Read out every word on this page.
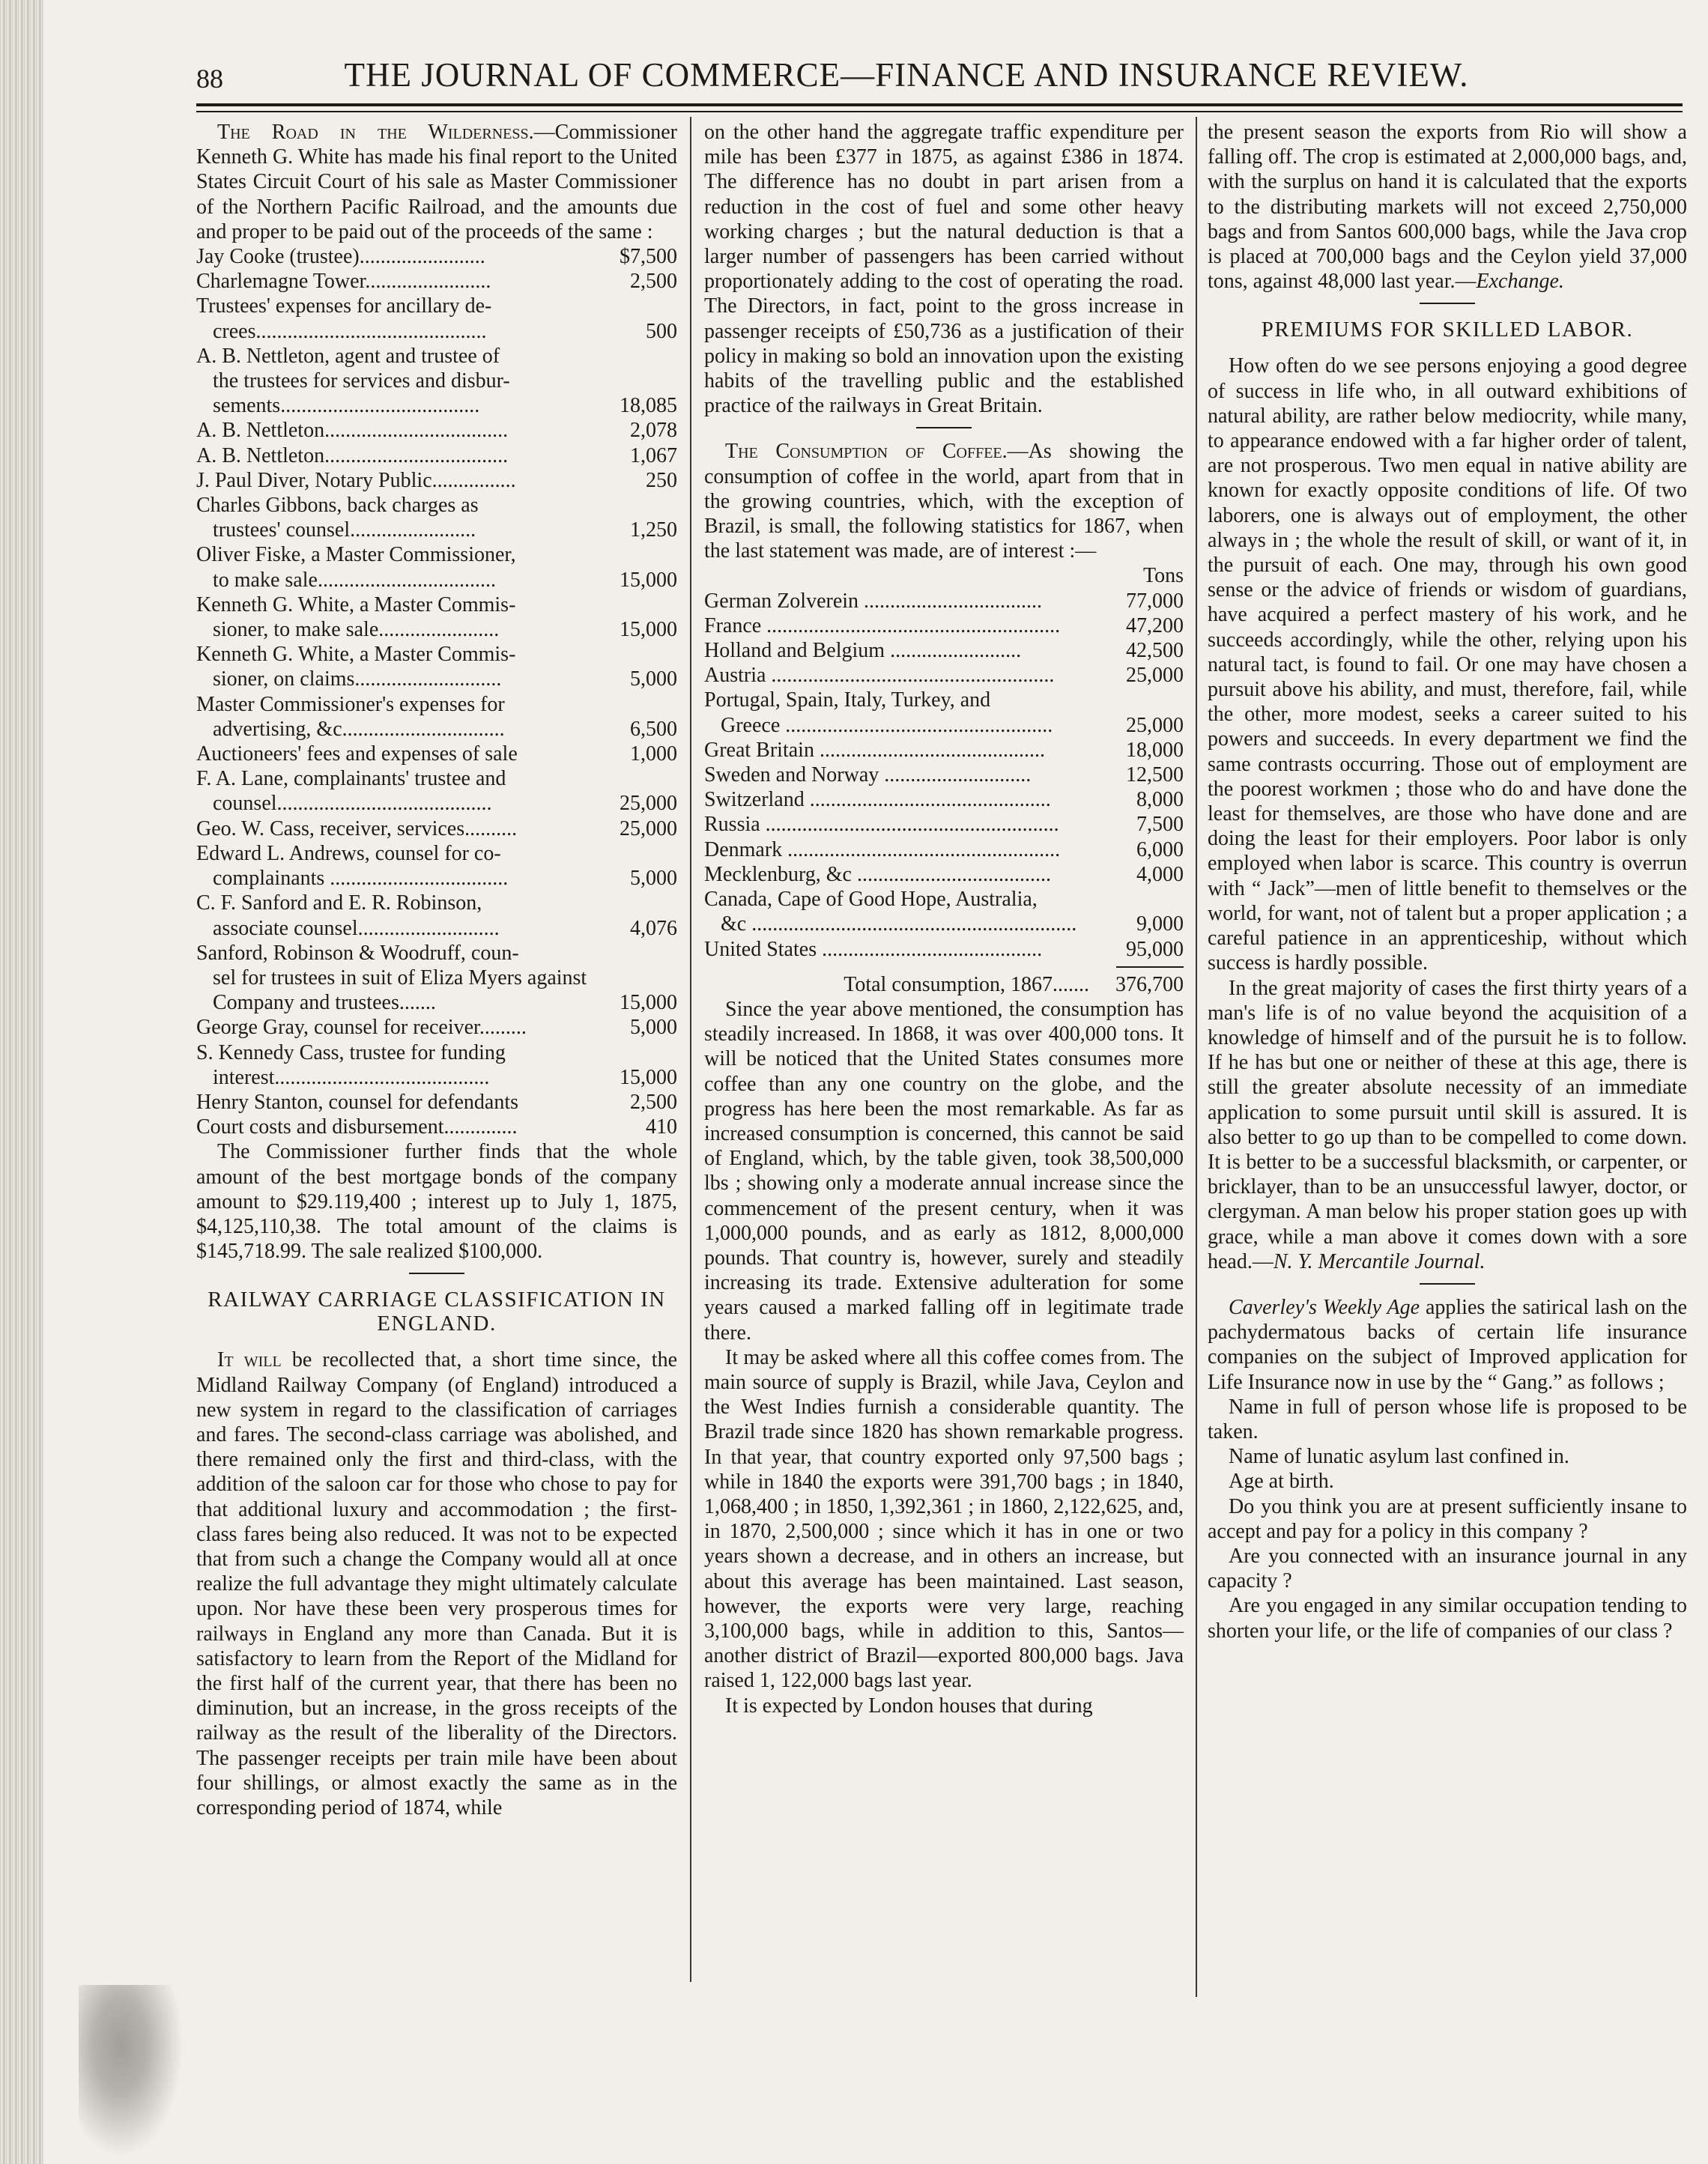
88	THE JOURNAL OF COMMERCE—FINANCE AND INSURANCE REVIEW.

The Road in the Wilderness.—Commissioner Kenneth G. White has made his final report to the United States Circuit Court of his sale as Master Commissioner of the Northern Pacific Railroad, and the amounts due and proper to be paid out of the proceeds of the same :

Jay Cooke (trustee)........................	$7,500
Charlemagne Tower........................	2,500
Trustees' expenses for ancillary de-
crees............................................	500
A. B. Nettleton, agent and trustee of
the trustees for services and disbur- sements......................................	18,085
A. B. Nettleton...................................	2,078
A. B. Nettleton...................................	1,067
J. Paul Diver, Notary Public................	250
Charles Gibbons, back charges as
trustees' counsel........................	1,250
Oliver Fiske, a Master Commissioner,
to make sale..................................	15,000
Kenneth G. White, a Master Commis-
sioner, to make sale.......................	15,000
Kenneth G. White, a Master Commis-
sioner, on claims............................	5,000
Master Commissioner's expenses for
advertising, &c...............................	6,500
Auctioneers' fees and expenses of sale	1,000
F. A. Lane, complainants' trustee and
counsel.........................................	25,000
Geo. W. Cass, receiver, services..........	25,000
Edward L. Andrews, counsel for co-
complainants ..................................	5,000
C. F. Sanford and E. R. Robinson,
associate counsel...........................	4,076
Sanford, Robinson & Woodruff, coun-
sel for trustees in suit of Eliza Myers against Company and trustees.......	15,000
George Gray, counsel for receiver.........	5,000
S. Kennedy Cass, trustee for funding
interest.........................................	15,000
Henry Stanton, counsel for defendants	2,500
Court costs and disbursement..............	410

The Commissioner further finds that the whole amount of the best mortgage bonds of the company amount to $29.119,400 ; interest up to July 1, 1875, $4,125,110,38. The total amount of the claims is $145,718.99. The sale realized $100,000.

RAILWAY CARRIAGE CLASSIFICATION IN ENGLAND.

It will be recollected that, a short time since, the Midland Railway Company (of England) introduced a new system in regard to the classification of carriages and fares. The second-class carriage was abolished, and there remained only the first and third-class, with the addition of the saloon car for those who chose to pay for that additional luxury and accommodation ; the first-class fares being also reduced. It was not to be expected that from such a change the Company would all at once realize the full advantage they might ultimately calculate upon. Nor have these been very prosperous times for railways in England any more than Canada. But it is satisfactory to learn from the Report of the Midland for the first half of the current year, that there has been no diminution, but an increase, in the gross receipts of the railway as the result of the liberality of the Directors. The passenger receipts per train mile have been about four shillings, or almost exactly the same as in the corresponding period of 1874, while

on the other hand the aggregate traffic expenditure per mile has been £377 in 1875, as against £386 in 1874. The difference has no doubt in part arisen from a reduction in the cost of fuel and some other heavy working charges ; but the natural deduction is that a larger number of passengers has been carried without proportionately adding to the cost of operating the road. The Directors, in fact, point to the gross increase in passenger receipts of £50,736 as a justification of their policy in making so bold an innovation upon the existing habits of the travelling public and the established practice of the railways in Great Britain.

The Consumption of Coffee.—As showing the consumption of coffee in the world, apart from that in the growing countries, which, with the exception of Brazil, is small, the following statistics for 1867, when the last statement was made, are of interest :—

Tons
German Zolverein ..................................	77,000
France ........................................................	47,200
Holland and Belgium .........................	42,500
Austria ......................................................	25,000
Portugal, Spain, Italy, Turkey, and
Greece ...................................................	25,000
Great Britain ...........................................	18,000
Sweden and Norway ............................	12,500
Switzerland ..............................................	8,000
Russia ........................................................	7,500
Denmark ....................................................	6,000
Mecklenburg, &c .....................................	4,000
Canada, Cape of Good Hope, Australia,
&c ..............................................................	9,000
United States ..........................................	95,000
Total consumption, 1867.......	376,700

Since the year above mentioned, the consumption has steadily increased. In 1868, it was over 400,000 tons. It will be noticed that the United States consumes more coffee than any one country on the globe, and the progress has here been the most remarkable. As far as increased consumption is concerned, this cannot be said of England, which, by the table given, took 38,500,000 lbs ; showing only a moderate annual increase since the commencement of the present century, when it was 1,000,000 pounds, and as early as 1812, 8,000,000 pounds. That country is, however, surely and steadily increasing its trade. Extensive adulteration for some years caused a marked falling off in legitimate trade there.

It may be asked where all this coffee comes from. The main source of supply is Brazil, while Java, Ceylon and the West Indies furnish a considerable quantity. The Brazil trade since 1820 has shown remarkable progress. In that year, that country exported only 97,500 bags ; while in 1840 the exports were 391,700 bags ; in 1840, 1,068,400 ; in 1850, 1,392,361 ; in 1860, 2,122,625, and, in 1870, 2,500,000 ; since which it has in one or two years shown a decrease, and in others an increase, but about this average has been maintained. Last season, however, the exports were very large, reaching 3,100,000 bags, while in addition to this, Santos—another district of Brazil—exported 800,000 bags. Java raised 1, 122,000 bags last year.

It is expected by London houses that during

the present season the exports from Rio will show a falling off. The crop is estimated at 2,000,000 bags, and, with the surplus on hand it is calculated that the exports to the distributing markets will not exceed 2,750,000 bags and from Santos 600,000 bags, while the Java crop is placed at 700,000 bags and the Ceylon yield 37,000 tons, against 48,000 last year.—Exchange.

PREMIUMS FOR SKILLED LABOR.

How often do we see persons enjoying a good degree of success in life who, in all outward exhibitions of natural ability, are rather below mediocrity, while many, to appearance endowed with a far higher order of talent, are not prosperous. Two men equal in native ability are known for exactly opposite conditions of life. Of two laborers, one is always out of employment, the other always in ; the whole the result of skill, or want of it, in the pursuit of each. One may, through his own good sense or the advice of friends or wisdom of guardians, have acquired a perfect mastery of his work, and he succeeds accordingly, while the other, relying upon his natural tact, is found to fail. Or one may have chosen a pursuit above his ability, and must, therefore, fail, while the other, more modest, seeks a career suited to his powers and succeeds. In every department we find the same contrasts occurring. Those out of employment are the poorest workmen ; those who do and have done the least for themselves, are those who have done and are doing the least for their employers. Poor labor is only employed when labor is scarce. This country is overrun with “ Jack”—men of little benefit to themselves or the world, for want, not of talent but a proper application ; a careful patience in an apprenticeship, without which success is hardly possible.

In the great majority of cases the first thirty years of a man's life is of no value beyond the acquisition of a knowledge of himself and of the pursuit he is to follow. If he has but one or neither of these at this age, there is still the greater absolute necessity of an immediate application to some pursuit until skill is assured. It is also better to go up than to be compelled to come down. It is better to be a successful blacksmith, or carpenter, or bricklayer, than to be an unsuccessful lawyer, doctor, or clergyman. A man below his proper station goes up with grace, while a man above it comes down with a sore head.—N. Y. Mercantile Journal.

Caverley's Weekly Age applies the satirical lash on the pachydermatous backs of certain life insurance companies on the subject of Improved application for Life Insurance now in use by the “ Gang.” as follows ;

Name in full of person whose life is proposed to be taken.

Name of lunatic asylum last confined in.

Age at birth.

Do you think you are at present sufficiently insane to accept and pay for a policy in this company ?

Are you connected with an insurance journal in any capacity ?

Are you engaged in any similar occupation tending to shorten your life, or the life of companies of our class ?
